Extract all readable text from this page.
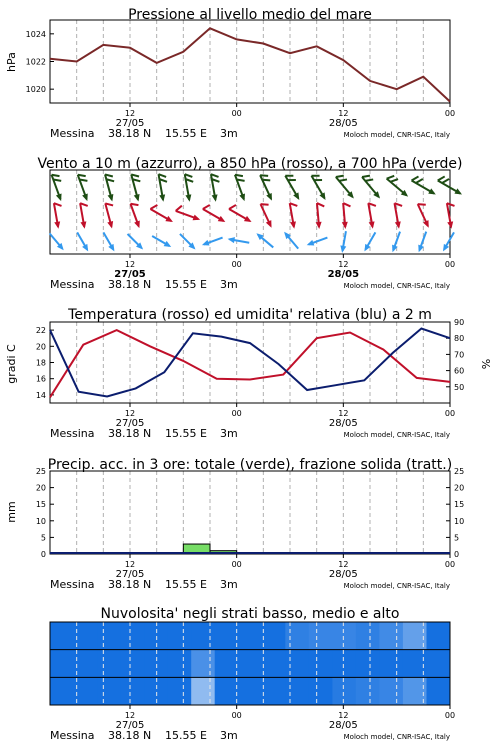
Pressione al livello medio del mare
1020
1022
1024
hPa
12	00	12	00
27/05	28/05
Messina 38.18 N 15.55 E 3m	Moloch model, CNR-ISAC, Italy
Vento a 10 m (azzurro), a 850 hPa (rosso), a 700 hPa (verde)
12	00	12	00
27/05	28/05
Messina 38.18 N 15.55 E 3m	Moloch model, CNR-ISAC, Italy
Temperatura (rosso) ed umidita' relativa (blu) a 2 m
14
16
18
20
22
50
60
70
80
90
gradi C	%
12	00	12	00
27/05	28/05
Messina 38.18 N 15.55 E 3m	Moloch model, CNR-ISAC, Italy
Precip. acc. in 3 ore: totale (verde), frazione solida (tratt.)
0
5
10
15
20
25
0
5
10
15
20
25
mm
12	00	12	00
27/05	28/05
Messina 38.18 N 15.55 E 3m	Moloch model, CNR-ISAC, Italy
Nuvolosita' negli strati basso, medio e alto
12	00	12	00
27/05	28/05
Messina 38.18 N 15.55 E 3m	Moloch model, CNR-ISAC, Italy
